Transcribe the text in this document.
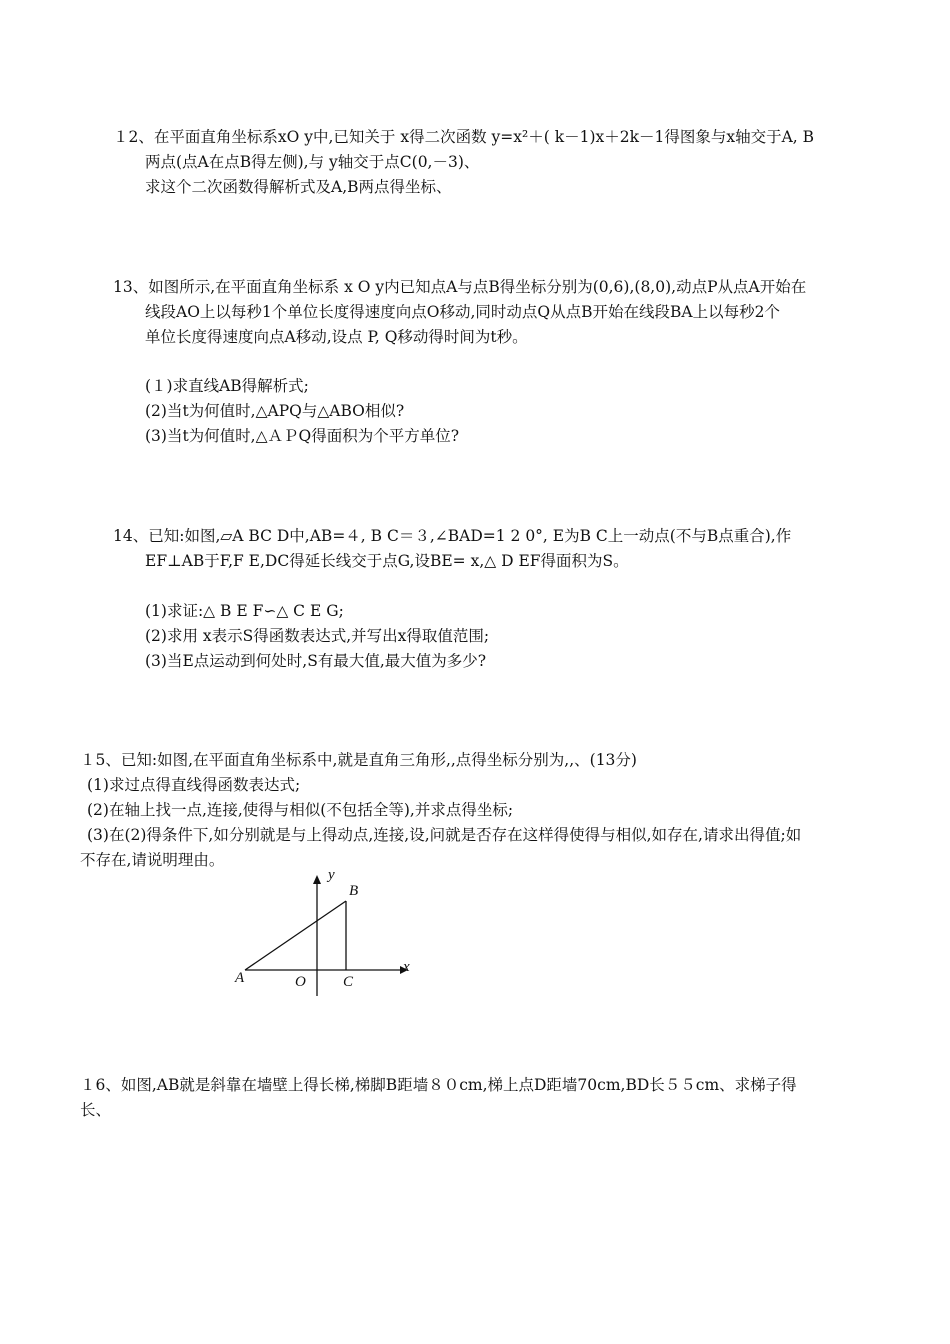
１2、在平面直角坐标系xO y中,已知关于 x得二次函数 y=x²＋( k－1)x＋2k－1得图象与x轴交于A, B
两点(点A在点B得左侧),与 y轴交于点C(0,－3)、
求这个二次函数得解析式及A,B两点得坐标、
13、如图所示,在平面直角坐标系 x O y内已知点A与点B得坐标分别为(0,6),(8,0),动点P从点A开始在
线段AO上以每秒1个单位长度得速度向点O移动,同时动点Q从点B开始在线段BA上以每秒2个
单位长度得速度向点A移动,设点 P, Q移动得时间为t秒。
(１)求直线AB得解析式;
(2)当t为何值时,△APQ与△ABO相似?
(3)当t为何值时,△ＡＰQ得面积为个平方单位?
14、已知:如图,▱A BC D中,AB=４, B C＝３,∠BAD=1 2 0°, E为B C上一动点(不与B点重合),作
EF⊥AB于F,F E,DC得延长线交于点G,设BE= x,△ D EF得面积为S。
(1)求证:△ B E F∽△ C E G;
(2)求用 x表示S得函数表达式,并写出x得取值范围;
(3)当E点运动到何处时,S有最大值,最大值为多少?
１5、已知:如图,在平面直角坐标系中,就是直角三角形,,点得坐标分别为,,、(13分)
(1)求过点得直线得函数表达式;
(2)在轴上找一点,连接,使得与相似(不包括全等),并求点得坐标;
(3)在(2)得条件下,如分别就是与上得动点,连接,设,问就是否存在这样得使得与相似,如存在,请求出得值;如
不存在,请说明理由。
y
B
x
A	O C
１6、如图,AB就是斜靠在墙壁上得长梯,梯脚B距墙８０cm,梯上点D距墙70cm,BD长５５cm、求梯子得
长、
